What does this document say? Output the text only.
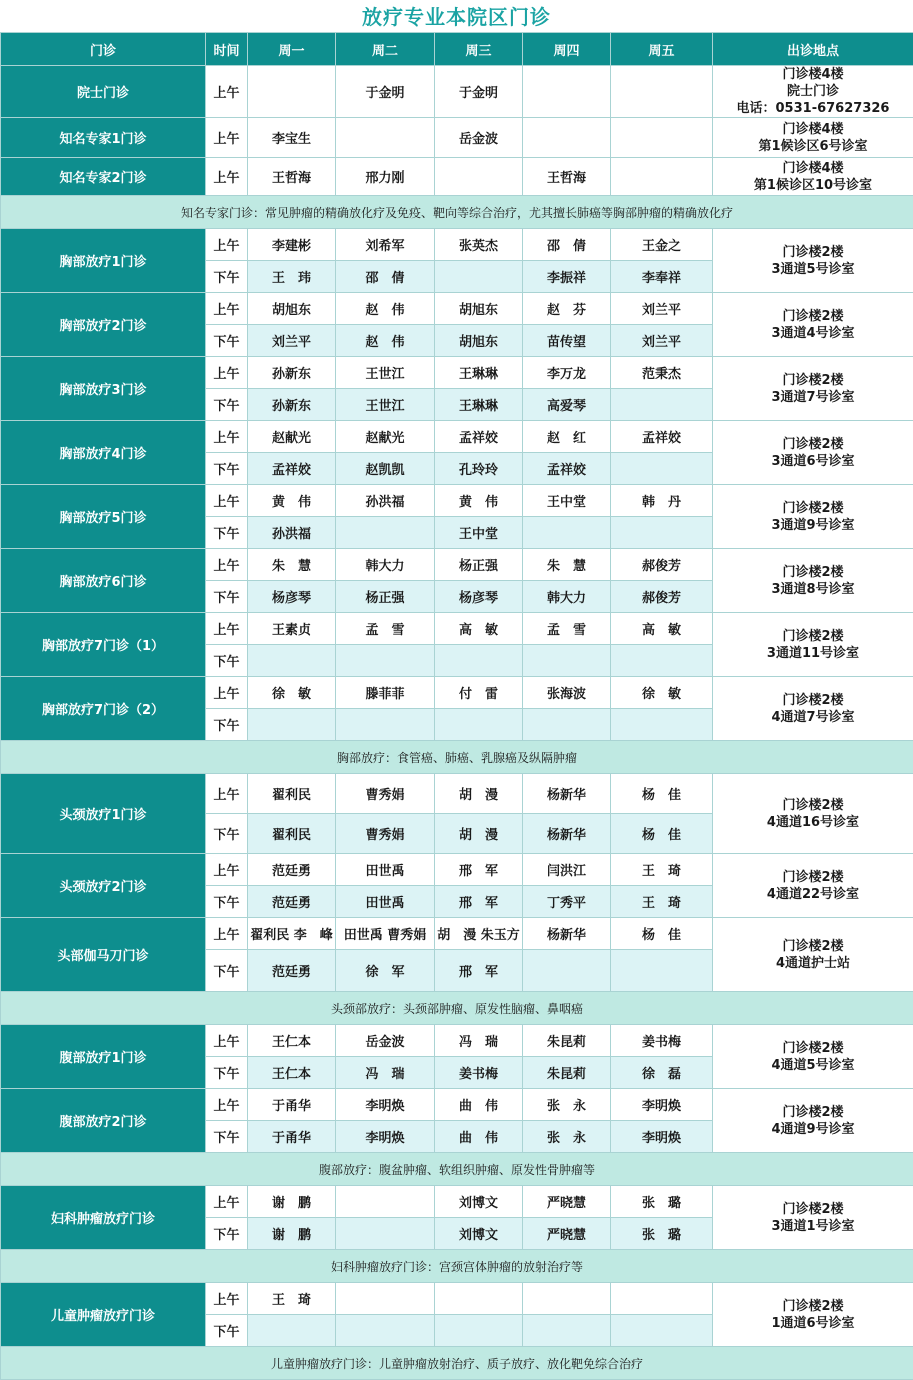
放疗专业本院区门诊
门诊	时间	周一	周二	周三	周四	周五	出诊地点
院士门诊	上午		于金明	于金明			门诊楼4楼
院士门诊
电话：0531-67627326

知名专家1门诊	上午	李宝生		岳金波			门诊楼4楼
第1候诊区6号诊室

知名专家2门诊	上午	王哲海	邢力刚		王哲海		门诊楼4楼
第1候诊区10号诊室

知名专家门诊：常见肿瘤的精确放化疗及免疫、靶向等综合治疗，尤其擅长肺癌等胸部肿瘤的精确放化疗							
胸部放疗1门诊	上午	李建彬	刘希军	张英杰	邵　倩	王金之	门诊楼2楼
3通道5号诊室

	下午	王　玮	邵　倩		李振祥	李奉祥	
胸部放疗2门诊	上午	胡旭东	赵　伟	胡旭东	赵　芬	刘兰平	门诊楼2楼
3通道4号诊室

	下午	刘兰平	赵　伟	胡旭东	苗传望	刘兰平	
胸部放疗3门诊	上午	孙新东	王世江	王琳琳	李万龙	范秉杰	门诊楼2楼
3通道7号诊室

	下午	孙新东	王世江	王琳琳	高爱琴		
胸部放疗4门诊	上午	赵献光	赵献光	孟祥姣	赵　红	孟祥姣	门诊楼2楼
3通道6号诊室

	下午	孟祥姣	赵凯凯	孔玲玲	孟祥姣		
胸部放疗5门诊	上午	黄　伟	孙洪福	黄　伟	王中堂	韩　丹	门诊楼2楼
3通道9号诊室

	下午	孙洪福		王中堂			
胸部放疗6门诊	上午	朱　慧	韩大力	杨正强	朱　慧	郝俊芳	门诊楼2楼
3通道8号诊室

	下午	杨彦琴	杨正强	杨彦琴	韩大力	郝俊芳	
胸部放疗7门诊（1）	上午	王素贞	孟　雪	高　敏	孟　雪	高　敏	门诊楼2楼
3通道11号诊室

	下午						
胸部放疗7门诊（2）	上午	徐　敏	滕菲菲	付　雷	张海波	徐　敏	门诊楼2楼
4通道7号诊室

	下午						
胸部放疗：食管癌、肺癌、乳腺癌及纵隔肿瘤							
头颈放疗1门诊	上午	翟利民	曹秀娟	胡　漫	杨新华	杨　佳	门诊楼2楼
4通道16号诊室

	下午	翟利民	曹秀娟	胡　漫	杨新华	杨　佳	
头颈放疗2门诊	上午	范廷勇	田世禹	邢　军	闫洪江	王　琦	门诊楼2楼
4通道22号诊室

	下午	范廷勇	田世禹	邢　军	丁秀平	王　琦	
头部伽马刀门诊	上午	翟利民 李　峰	田世禹 曹秀娟	胡　漫 朱玉方	杨新华	杨　佳	门诊楼2楼
4通道护士站

	下午	范廷勇	徐　军	邢　军			
头颈部放疗：头颈部肿瘤、原发性脑瘤、鼻咽癌							
腹部放疗1门诊	上午	王仁本	岳金波	冯　瑞	朱昆莉	姜书梅	门诊楼2楼
4通道5号诊室

	下午	王仁本	冯　瑞	姜书梅	朱昆莉	徐　磊	
腹部放疗2门诊	上午	于甬华	李明焕	曲　伟	张　永	李明焕	门诊楼2楼
4通道9号诊室

	下午	于甬华	李明焕	曲　伟	张　永	李明焕	
腹部放疗：腹盆肿瘤、软组织肿瘤、原发性骨肿瘤等							
妇科肿瘤放疗门诊	上午	谢　鹏		刘博文	严晓慧	张　璐	门诊楼2楼
3通道1号诊室

	下午	谢　鹏		刘博文	严晓慧	张　璐	
妇科肿瘤放疗门诊：宫颈宫体肿瘤的放射治疗等							
儿童肿瘤放疗门诊	上午	王　琦					门诊楼2楼
1通道6号诊室

	下午						
儿童肿瘤放疗门诊：儿童肿瘤放射治疗、质子放疗、放化靶免综合治疗							
